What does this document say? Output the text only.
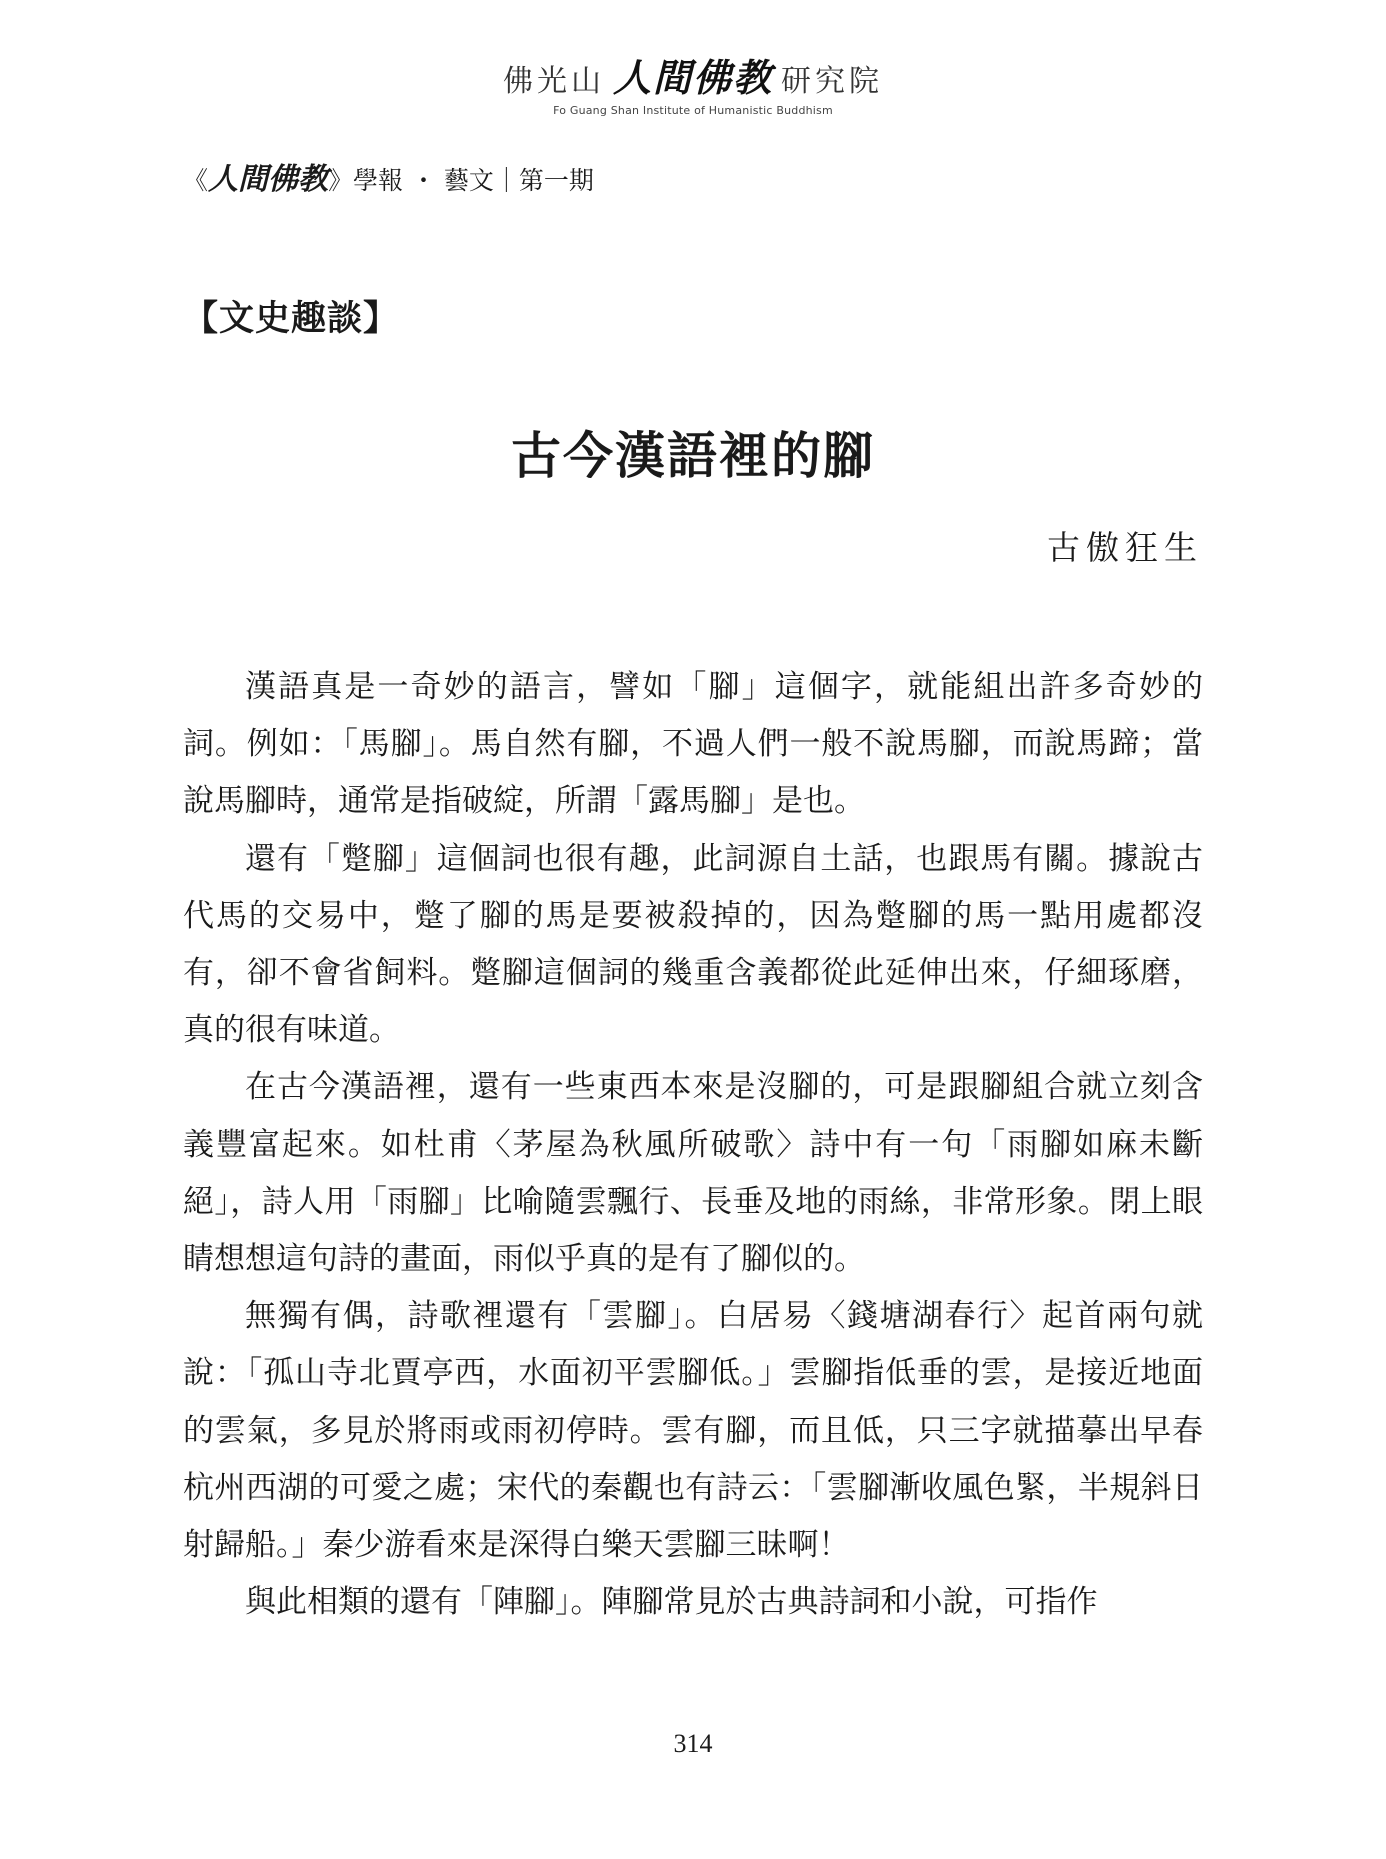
佛光山 人間佛教 研究院
Fo Guang Shan Institute of Humanistic Buddhism
《人間佛教》學報 ・ 藝文｜第一期
【文史趣談】
古今漢語裡的腳
古傲狂生

漢語真是一奇妙的語言，譬如「腳」這個字，就能組出許多奇妙的詞。例如：「馬腳」。馬自然有腳，不過人們一般不說馬腳，而說馬蹄；當說馬腳時，通常是指破綻，所謂「露馬腳」是也。

還有「蹩腳」這個詞也很有趣，此詞源自土話，也跟馬有關。據說古代馬的交易中，蹩了腳的馬是要被殺掉的，因為蹩腳的馬一點用處都沒有，卻不會省飼料。蹩腳這個詞的幾重含義都從此延伸出來，仔細琢磨，真的很有味道。

在古今漢語裡，還有一些東西本來是沒腳的，可是跟腳組合就立刻含義豐富起來。如杜甫〈茅屋為秋風所破歌〉詩中有一句「雨腳如麻未斷絕」，詩人用「雨腳」比喻隨雲飄行、長垂及地的雨絲，非常形象。閉上眼睛想想這句詩的畫面，雨似乎真的是有了腳似的。

無獨有偶，詩歌裡還有「雲腳」。白居易〈錢塘湖春行〉起首兩句就說：「孤山寺北賈亭西，水面初平雲腳低。」雲腳指低垂的雲，是接近地面的雲氣，多見於將雨或雨初停時。雲有腳，而且低，只三字就描摹出早春杭州西湖的可愛之處；宋代的秦觀也有詩云：「雲腳漸收風色緊，半規斜日射歸船。」秦少游看來是深得白樂天雲腳三昧啊！

與此相類的還有「陣腳」。陣腳常見於古典詩詞和小說，可指作

314
